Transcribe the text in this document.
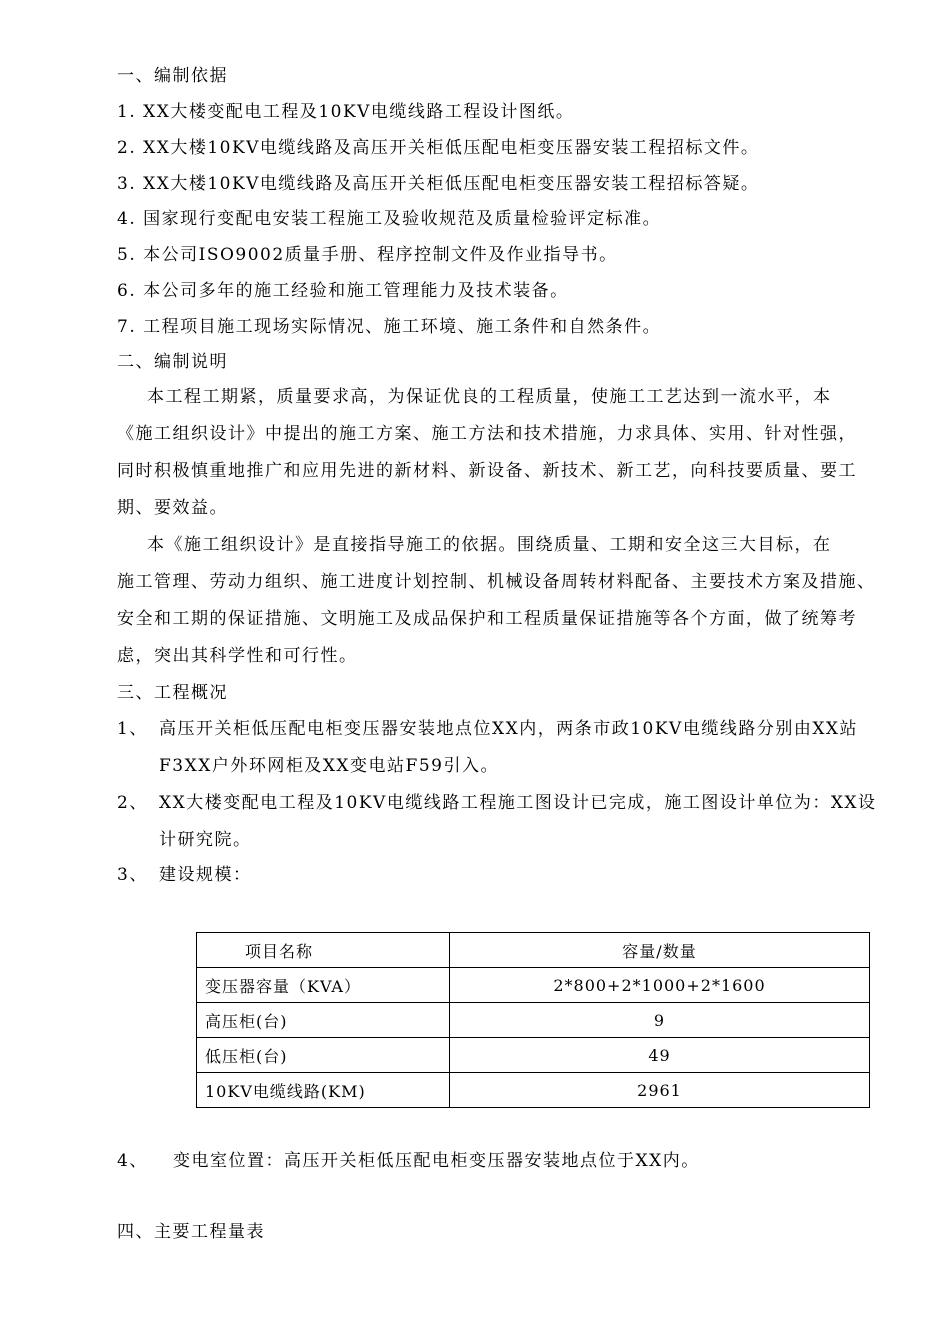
一、编制依据
1. XX大楼变配电工程及10KV电缆线路工程设计图纸。
2. XX大楼10KV电缆线路及高压开关柜低压配电柜变压器安装工程招标文件。
3. XX大楼10KV电缆线路及高压开关柜低压配电柜变压器安装工程招标答疑。
4. 国家现行变配电安装工程施工及验收规范及质量检验评定标准。
5. 本公司ISO9002质量手册、程序控制文件及作业指导书。
6. 本公司多年的施工经验和施工管理能力及技术装备。
7. 工程项目施工现场实际情况、施工环境、施工条件和自然条件。
二、编制说明
本工程工期紧，质量要求高，为保证优良的工程质量，使施工工艺达到一流水平，本
《施工组织设计》中提出的施工方案、施工方法和技术措施，力求具体、实用、针对性强，
同时积极慎重地推广和应用先进的新材料、新设备、新技术、新工艺，向科技要质量、要工
期、要效益。
本《施工组织设计》是直接指导施工的依据。围绕质量、工期和安全这三大目标，在
施工管理、劳动力组织、施工进度计划控制、机械设备周转材料配备、主要技术方案及措施、
安全和工期的保证措施、文明施工及成品保护和工程质量保证措施等各个方面，做了统筹考
虑，突出其科学性和可行性。
三、工程概况
1、 高压开关柜低压配电柜变压器安装地点位XX内，两条市政10KV电缆线路分别由XX站
F3XX户外环网柜及XX变电站F59引入。
2、 XX大楼变配电工程及10KV电缆线路工程施工图设计已完成，施工图设计单位为：XX设
计研究院。
3、 建设规模：
项目名称	容量/数量
变压器容量（KVA）	2*800+2*1000+2*1600
高压柜(台)	9
低压柜(台)	49
10KV电缆线路(KM)	2961
4、 变电室位置：高压开关柜低压配电柜变压器安装地点位于XX内。
四、主要工程量表
